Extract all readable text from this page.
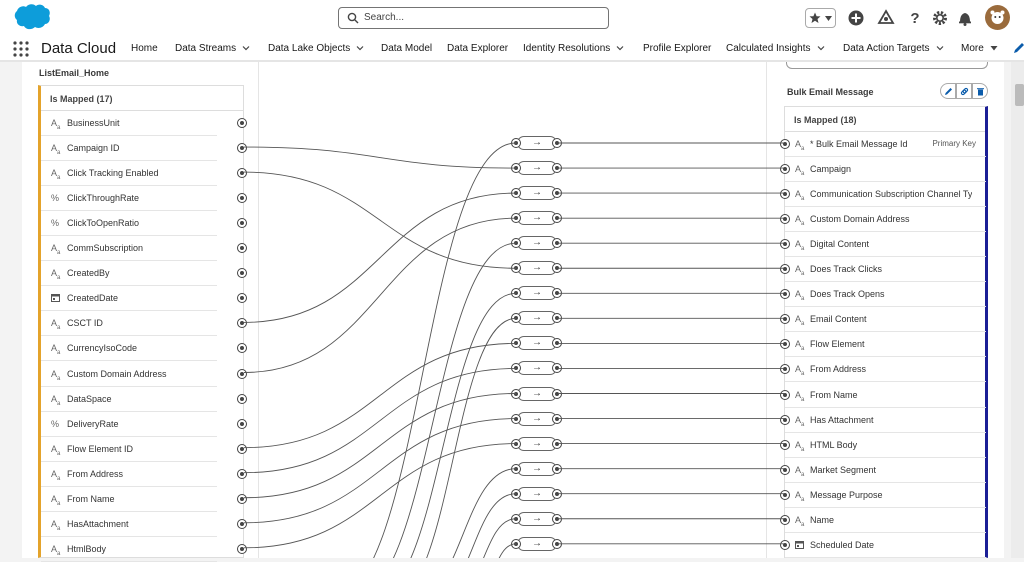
Search...	?
Data Cloud Home Data Streams	Data Lake Objects	Data Model Data Explorer Identity Resolutions	Profile Explorer Calculated Insights	Data Action Targets	More
ListEmail_Home
Is Mapped (17)
$A_a$ BusinessUnit
$A_a$ Campaign ID
$A_a$ Click Tracking Enabled
% ClickThroughRate
% ClickToOpenRatio
$A_a$ CommSubscription
$A_a$ CreatedBy
CreatedDate
$A_a$ CSCT ID
$A_a$ CurrencyIsoCode
$A_a$ Custom Domain Address
$A_a$ DataSpace
% DeliveryRate
$A_a$ Flow Element ID
$A_a$ From Address
$A_a$ From Name
$A_a$ HasAttachment
$A_a$ HtmlBody
Bulk Email Message
Is Mapped (18)
$A_a$ * Bulk Email Message Id	Primary Key
$A_a$ Campaign
$A_a$ Communication Subscription Channel Ty
$A_a$ Custom Domain Address
$A_a$ Digital Content
$A_a$ Does Track Clicks
$A_a$ Does Track Opens
$A_a$ Email Content
$A_a$ Flow Element
$A_a$ From Address
$A_a$ From Name
$A_a$ Has Attachment
$A_a$ HTML Body
$A_a$ Market Segment
$A_a$ Message Purpose
$A_a$ Name
Scheduled Date
→
→
→
→
→
→
→
→
→
→
→
→
→
→
→
→
→
